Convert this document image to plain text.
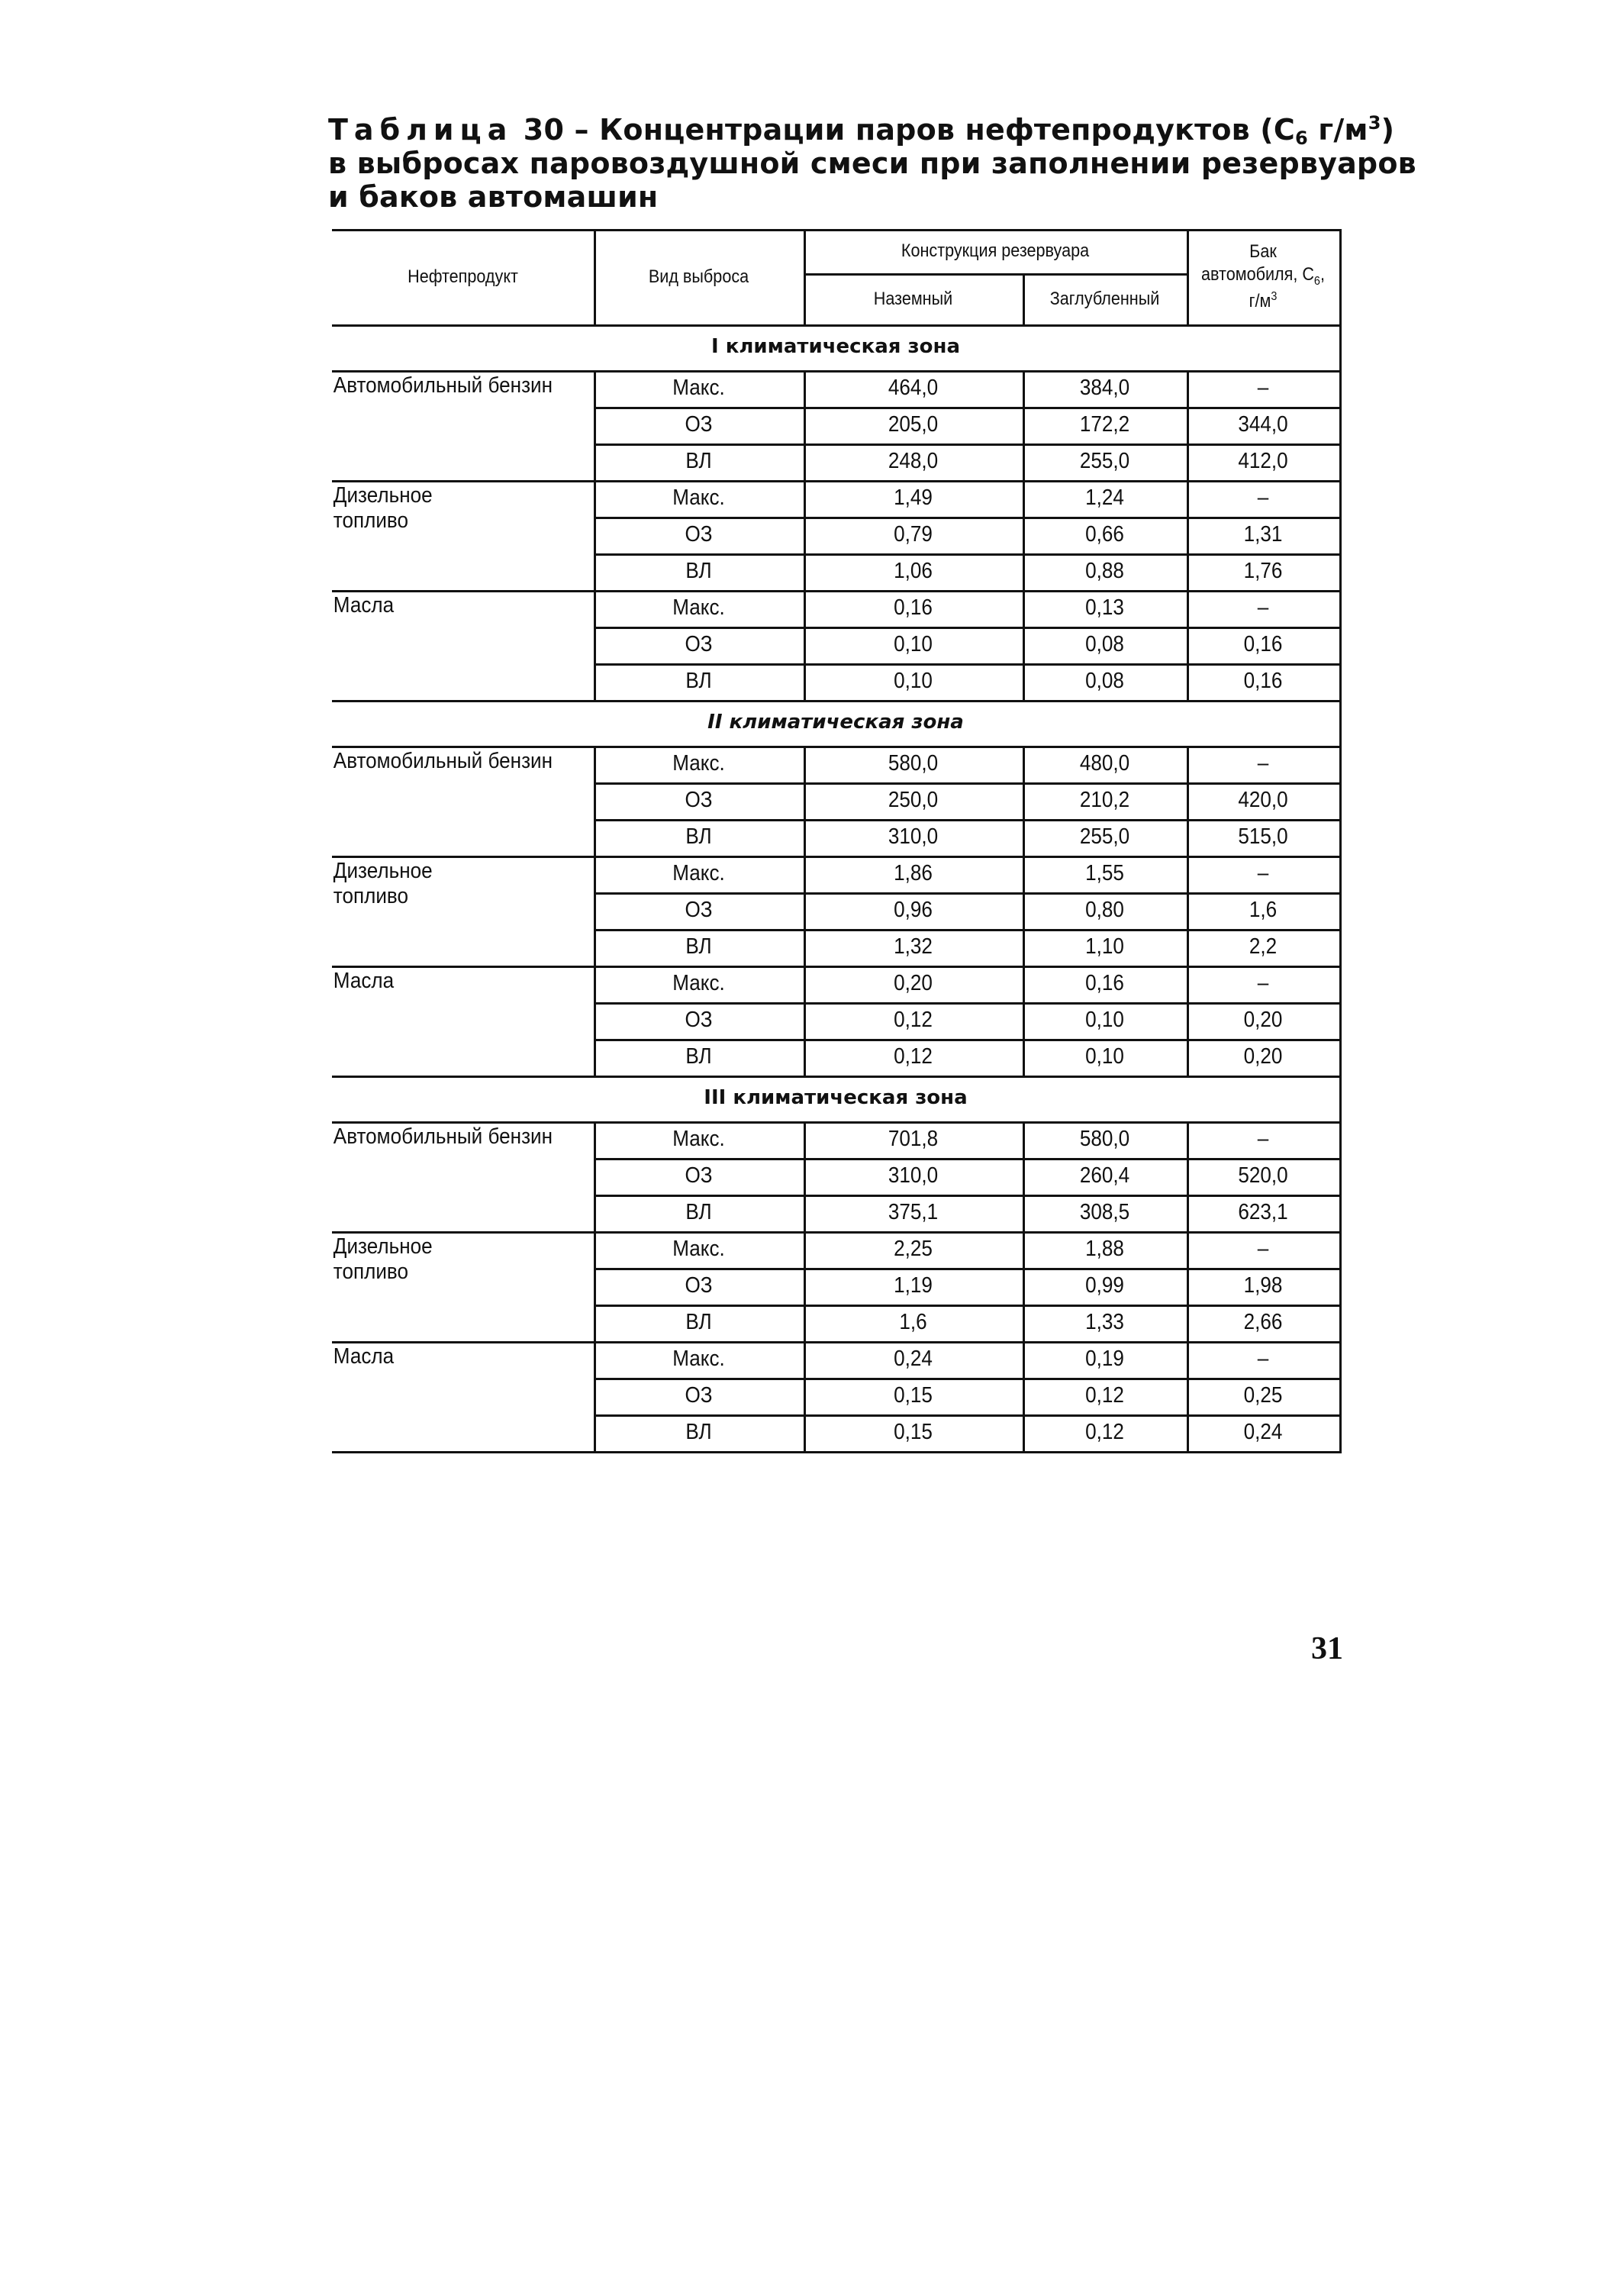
Таблица 30 – Концентрации паров нефтепродуктов ($C_6$ $г/м^3$)
в выбросах паровоздушной смеси при заполнении резервуаров
и баков автомашин
Нефтепродукт	Вид выброса
Конструкция резервуара
Наземный	Заглубленный
Бак
автомобиля, $C_6$,
$г/м^3$
I климатическая зона
Автомобильный бензин	Макс.	464,0	384,0	–
ОЗ	205,0	172,2	344,0
ВЛ	248,0	255,0	412,0
Дизельное
топливо
Макс.	1,49	1,24	–
ОЗ	0,79	0,66	1,31
ВЛ	1,06	0,88	1,76
Масла	Макс.	0,16	0,13	–
ОЗ	0,10	0,08	0,16
ВЛ	0,10	0,08	0,16
II климатическая зона
Автомобильный бензин	Макс.	580,0	480,0	–
ОЗ	250,0	210,2	420,0
ВЛ	310,0	255,0	515,0
Дизельное
топливо
Макс.	1,86	1,55	–
ОЗ	0,96	0,80	1,6
ВЛ	1,32	1,10	2,2
Масла	Макс.	0,20	0,16	–
ОЗ	0,12	0,10	0,20
ВЛ	0,12	0,10	0,20
III климатическая зона
Автомобильный бензин	Макс.	701,8	580,0	–
ОЗ	310,0	260,4	520,0
ВЛ	375,1	308,5	623,1
Дизельное
топливо
Макс.	2,25	1,88	–
ОЗ	1,19	0,99	1,98
ВЛ	1,6	1,33	2,66
Масла	Макс.	0,24	0,19	–
ОЗ	0,15	0,12	0,25
ВЛ	0,15	0,12	0,24
31
